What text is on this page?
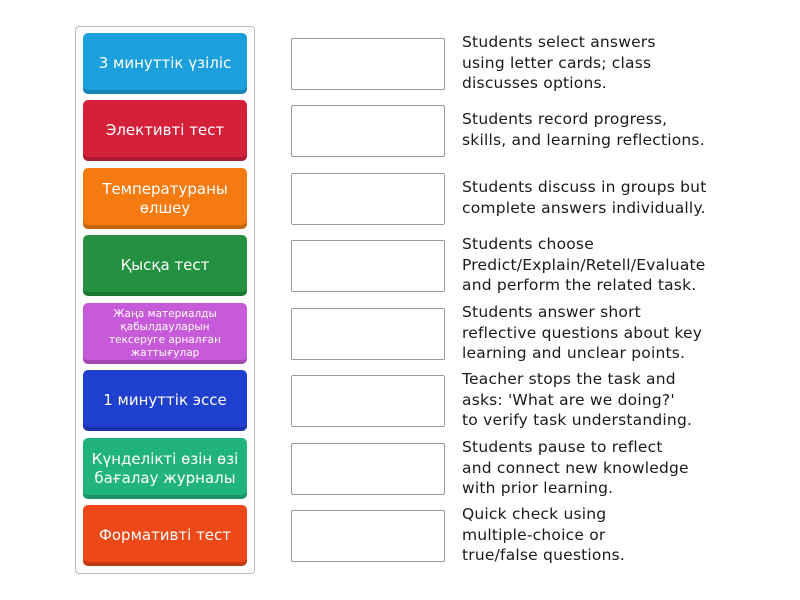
3 минуттік үзіліс
Элективті тест
Температураны өлшеу
Қысқа тест
Жаңа материалды қабылдауларын тексеруге арналған жаттығулар
1 минуттік эссе
Күнделікті өзін өзі бағалау журналы
Формативті тест
Students select answers
using letter cards; class
discusses options.
Students record progress,
skills, and learning reflections.
Students discuss in groups but
complete answers individually.
Students choose
Predict/Explain/Retell/Evaluate
and perform the related task.
Students answer short
reflective questions about key
learning and unclear points.
Teacher stops the task and
asks: 'What are we doing?'
to verify task understanding.
Students pause to reflect
and connect new knowledge
with prior learning.
Quick check using
multiple-choice or
true/false questions.
